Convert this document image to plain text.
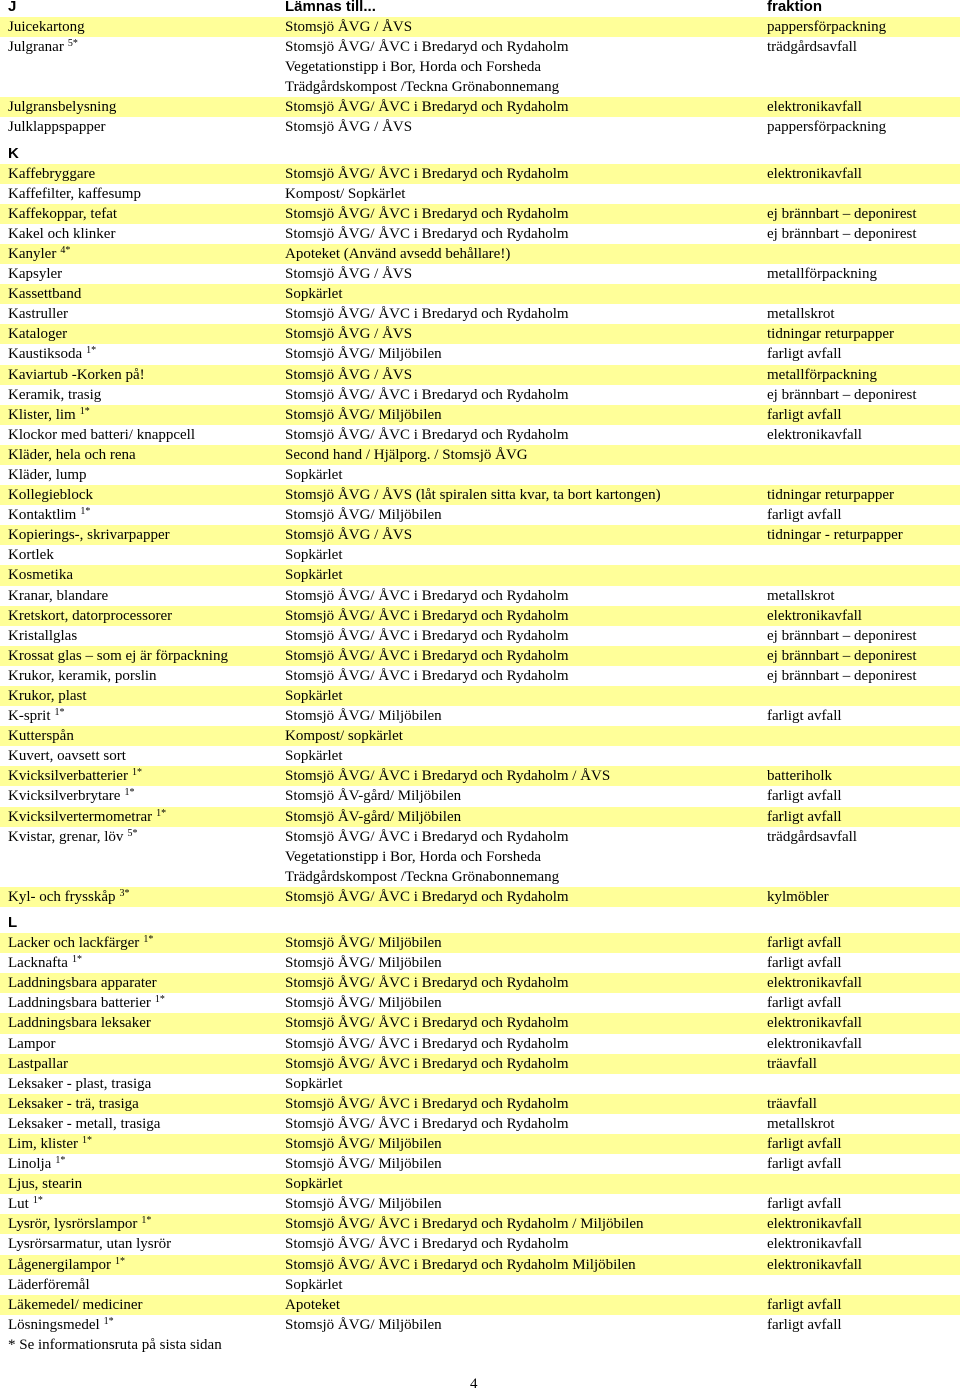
J	Lämnas till...	fraktion
Juicekartong	Stomsjö ÅVG / ÅVS	pappersförpackning
Julgranar $^{5*}$	Stomsjö ÅVG/ ÅVC i Bredaryd och Rydaholm	trädgårdsavfall
Vegetationstipp i Bor, Horda och Forsheda
Trädgårdskompost /Teckna Grönabonnemang
Julgransbelysning	Stomsjö ÅVG/ ÅVC i Bredaryd och Rydaholm	elektronikavfall
Julklappspapper	Stomsjö ÅVG / ÅVS	pappersförpackning
K
Kaffebryggare	Stomsjö ÅVG/ ÅVC i Bredaryd och Rydaholm	elektronikavfall
Kaffefilter, kaffesump	Kompost/ Sopkärlet
Kaffekoppar, tefat	Stomsjö ÅVG/ ÅVC i Bredaryd och Rydaholm	ej brännbart – deponirest
Kakel och klinker	Stomsjö ÅVG/ ÅVC i Bredaryd och Rydaholm	ej brännbart – deponirest
Kanyler $^{4*}$	Apoteket (Använd avsedd behållare!)
Kapsyler	Stomsjö ÅVG / ÅVS	metallförpackning
Kassettband	Sopkärlet
Kastruller	Stomsjö ÅVG/ ÅVC i Bredaryd och Rydaholm	metallskrot
Kataloger	Stomsjö ÅVG / ÅVS	tidningar returpapper
Kaustiksoda $^{1*}$	Stomsjö ÅVG/ Miljöbilen	farligt avfall
Kaviartub -Korken på!	Stomsjö ÅVG / ÅVS	metallförpackning
Keramik, trasig	Stomsjö ÅVG/ ÅVC i Bredaryd och Rydaholm	ej brännbart – deponirest
Klister, lim $^{1*}$	Stomsjö ÅVG/ Miljöbilen	farligt avfall
Klockor med batteri/ knappcell	Stomsjö ÅVG/ ÅVC i Bredaryd och Rydaholm	elektronikavfall
Kläder, hela och rena	Second hand / Hjälporg. / Stomsjö ÅVG
Kläder, lump	Sopkärlet
Kollegieblock	Stomsjö ÅVG / ÅVS (låt spiralen sitta kvar, ta bort kartongen)	tidningar returpapper
Kontaktlim $^{1*}$	Stomsjö ÅVG/ Miljöbilen	farligt avfall
Kopierings-, skrivarpapper	Stomsjö ÅVG / ÅVS	tidningar - returpapper
Kortlek	Sopkärlet
Kosmetika	Sopkärlet
Kranar, blandare	Stomsjö ÅVG/ ÅVC i Bredaryd och Rydaholm	metallskrot
Kretskort, datorprocessorer	Stomsjö ÅVG/ ÅVC i Bredaryd och Rydaholm	elektronikavfall
Kristallglas	Stomsjö ÅVG/ ÅVC i Bredaryd och Rydaholm	ej brännbart – deponirest
Krossat glas – som ej är förpackning	Stomsjö ÅVG/ ÅVC i Bredaryd och Rydaholm	ej brännbart – deponirest
Krukor, keramik, porslin	Stomsjö ÅVG/ ÅVC i Bredaryd och Rydaholm	ej brännbart – deponirest
Krukor, plast	Sopkärlet
K-sprit $^{1*}$	Stomsjö ÅVG/ Miljöbilen	farligt avfall
Kutterspån	Kompost/ sopkärlet
Kuvert, oavsett sort	Sopkärlet
Kvicksilverbatterier $^{1*}$	Stomsjö ÅVG/ ÅVC i Bredaryd och Rydaholm / ÅVS	batteriholk
Kvicksilverbrytare $^{1*}$	Stomsjö ÅV-gård/ Miljöbilen	farligt avfall
Kvicksilvertermometrar $^{1*}$	Stomsjö ÅV-gård/ Miljöbilen	farligt avfall
Kvistar, grenar, löv $^{5*}$	Stomsjö ÅVG/ ÅVC i Bredaryd och Rydaholm	trädgårdsavfall
Vegetationstipp i Bor, Horda och Forsheda
Trädgårdskompost /Teckna Grönabonnemang
Kyl- och frysskåp $^{3*}$	Stomsjö ÅVG/ ÅVC i Bredaryd och Rydaholm	kylmöbler
L
Lacker och lackfärger $^{1*}$	Stomsjö ÅVG/ Miljöbilen	farligt avfall
Lacknafta $^{1*}$	Stomsjö ÅVG/ Miljöbilen	farligt avfall
Laddningsbara apparater	Stomsjö ÅVG/ ÅVC i Bredaryd och Rydaholm	elektronikavfall
Laddningsbara batterier $^{1*}$	Stomsjö ÅVG/ Miljöbilen	farligt avfall
Laddningsbara leksaker	Stomsjö ÅVG/ ÅVC i Bredaryd och Rydaholm	elektronikavfall
Lampor	Stomsjö ÅVG/ ÅVC i Bredaryd och Rydaholm	elektronikavfall
Lastpallar	Stomsjö ÅVG/ ÅVC i Bredaryd och Rydaholm	träavfall
Leksaker - plast, trasiga	Sopkärlet
Leksaker - trä, trasiga	Stomsjö ÅVG/ ÅVC i Bredaryd och Rydaholm	träavfall
Leksaker - metall, trasiga	Stomsjö ÅVG/ ÅVC i Bredaryd och Rydaholm	metallskrot
Lim, klister $^{1*}$	Stomsjö ÅVG/ Miljöbilen	farligt avfall
Linolja $^{1*}$	Stomsjö ÅVG/ Miljöbilen	farligt avfall
Ljus, stearin	Sopkärlet
Lut $^{1*}$	Stomsjö ÅVG/ Miljöbilen	farligt avfall
Lysrör, lysrörslampor $^{1*}$	Stomsjö ÅVG/ ÅVC i Bredaryd och Rydaholm / Miljöbilen	elektronikavfall
Lysrörsarmatur, utan lysrör	Stomsjö ÅVG/ ÅVC i Bredaryd och Rydaholm	elektronikavfall
Lågenergilampor $^{1*}$	Stomsjö ÅVG/ ÅVC i Bredaryd och Rydaholm Miljöbilen	elektronikavfall
Läderföremål	Sopkärlet
Läkemedel/ mediciner	Apoteket	farligt avfall
Lösningsmedel $^{1*}$	Stomsjö ÅVG/ Miljöbilen	farligt avfall
* Se informationsruta på sista sidan
4
